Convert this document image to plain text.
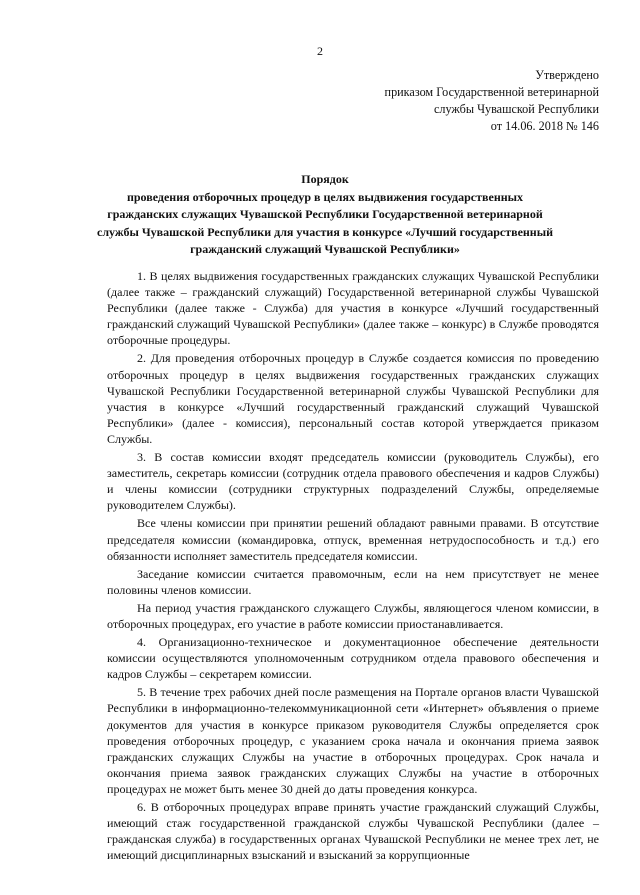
2
Утверждено
приказом Государственной ветеринарной
службы Чувашской Республики
от 14.06. 2018 № 146
Порядок
проведения отборочных процедур в целях выдвижения государственных
гражданских служащих Чувашской Республики Государственной ветеринарной
службы Чувашской Республики для участия в конкурсе «Лучший государственный
гражданский служащий Чувашской Республики»

1. В целях выдвижения государственных гражданских служащих Чувашской Республики (далее также – гражданский служащий) Государственной ветеринарной службы Чувашской Республики (далее также - Служба) для участия в конкурсе «Лучший государственный гражданский служащий Чувашской Республики» (далее также – конкурс) в Службе проводятся отборочные процедуры.

2. Для проведения отборочных процедур в Службе создается комиссия по проведению отборочных процедур в целях выдвижения государственных гражданских служащих Чувашской Республики Государственной ветеринарной службы Чувашской Республики для участия в конкурсе «Лучший государственный гражданский служащий Чувашской Республики» (далее - комиссия), персональный состав которой утверждается приказом Службы.

3. В состав комиссии входят председатель комиссии (руководитель Службы), его заместитель, секретарь комиссии (сотрудник отдела правового обеспечения и кадров Службы) и члены комиссии (сотрудники структурных подразделений Службы, определяемые руководителем Службы).

Все члены комиссии при принятии решений обладают равными правами. В отсутствие председателя комиссии (командировка, отпуск, временная нетрудоспособность и т.д.) его обязанности исполняет заместитель председателя комиссии.

Заседание комиссии считается правомочным, если на нем присутствует не менее половины членов комиссии.

На период участия гражданского служащего Службы, являющегося членом комиссии, в отборочных процедурах, его участие в работе комиссии приостанавливается.

4. Организационно-техническое и документационное обеспечение деятельности комиссии осуществляются уполномоченным сотрудником отдела правового обеспечения и кадров Службы – секретарем комиссии.

5. В течение трех рабочих дней после размещения на Портале органов власти Чувашской Республики в информационно-телекоммуникационной сети «Интернет» объявления о приеме документов для участия в конкурсе приказом руководителя Службы определяется срок проведения отборочных процедур, с указанием срока начала и окончания приема заявок гражданских служащих Службы на участие в отборочных процедурах. Срок начала и окончания приема заявок гражданских служащих Службы на участие в отборочных процедурах не может быть менее 30 дней до даты проведения конкурса.

6. В отборочных процедурах вправе принять участие гражданский служащий Службы, имеющий стаж государственной гражданской службы Чувашской Республики (далее – гражданская служба) в государственных органах Чувашской Республики не менее трех лет, не имеющий дисциплинарных взысканий и взысканий за коррупционные
